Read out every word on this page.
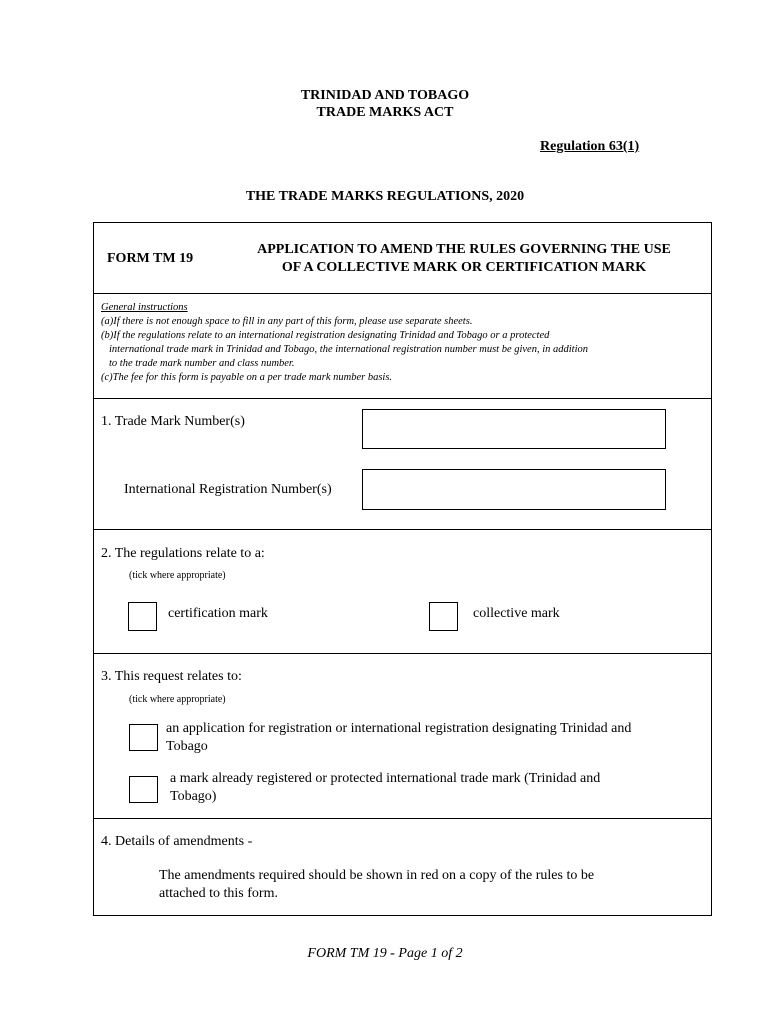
TRINIDAD AND TOBAGO
TRADE MARKS ACT
Regulation 63(1)
THE TRADE MARKS REGULATIONS, 2020
FORM TM 19
APPLICATION TO AMEND THE RULES GOVERNING THE USE
OF A COLLECTIVE MARK OR CERTIFICATION MARK
General instructions
(a)If there is not enough space to fill in any part of this form, please use separate sheets.
(b)If the regulations relate to an international registration designating Trinidad and Tobago or a protected
international trade mark in Trinidad and Tobago, the international registration number must be given, in addition
to the trade mark number and class number.
(c)The fee for this form is payable on a per trade mark number basis.
1. Trade Mark Number(s)
International Registration Number(s)
2. The regulations relate to a:
(tick where appropriate)
certification mark	collective mark
3. This request relates to:
(tick where appropriate)
an application for registration or international registration designating Trinidad and
Tobago
a mark already registered or protected international trade mark (Trinidad and
Tobago)
4. Details of amendments -
The amendments required should be shown in red on a copy of the rules to be
attached to this form.
FORM TM 19 - Page 1 of 2
